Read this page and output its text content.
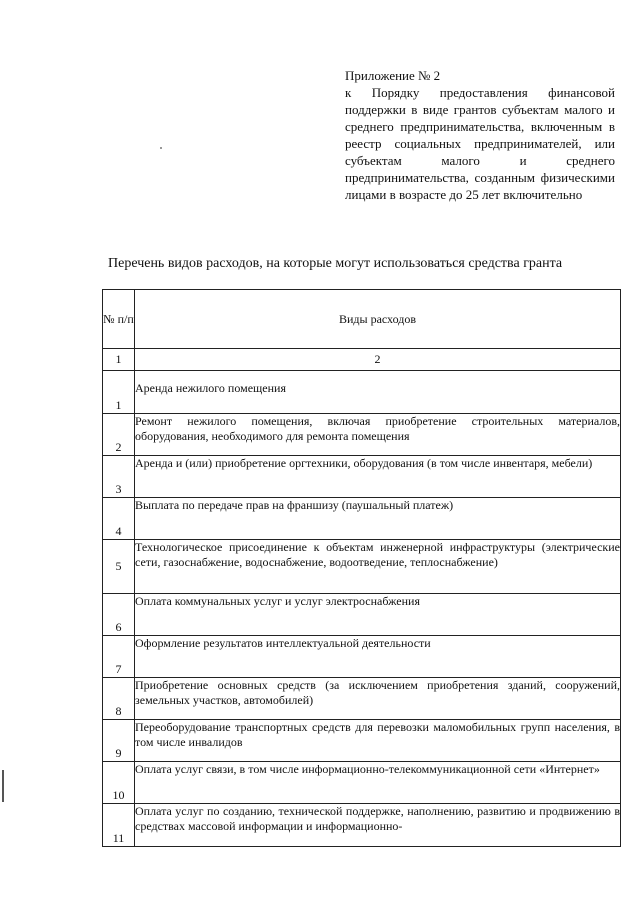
Приложение № 2
к Порядку предоставления финансовой поддержки в виде грантов субъектам малого и среднего предпринимательства, включенным в реестр социальных предпринимателей, или субъектам малого и среднего предпринимательства, созданным физическими лицами в возрасте до 25 лет включительно
Перечень видов расходов, на которые могут использоваться средства гранта
№ п/п	Виды расходов
1	2
1	Аренда нежилого помещения
2	Ремонт нежилого помещения, включая приобретение строительных материалов, оборудования, необходимого для ремонта помещения
3	Аренда и (или) приобретение оргтехники, оборудования (в том числе инвентаря, мебели)
4	Выплата по передаче прав на франшизу (паушальный платеж)
5	Технологическое присоединение к объектам инженерной инфраструктуры (электрические сети, газоснабжение, водоснабжение, водоотведение, теплоснабжение)
6	Оплата коммунальных услуг и услуг электроснабжения
7	Оформление результатов интеллектуальной деятельности
8	Приобретение основных средств (за исключением приобретения зданий, сооружений, земельных участков, автомобилей)
9	Переоборудование транспортных средств для перевозки маломобильных групп населения, в том числе инвалидов
10	Оплата услуг связи, в том числе информационно-телекоммуникационной сети «Интернет»
11	Оплата услуг по созданию, технической поддержке, наполнению, развитию и продвижению в средствах массовой информации и информационно-
